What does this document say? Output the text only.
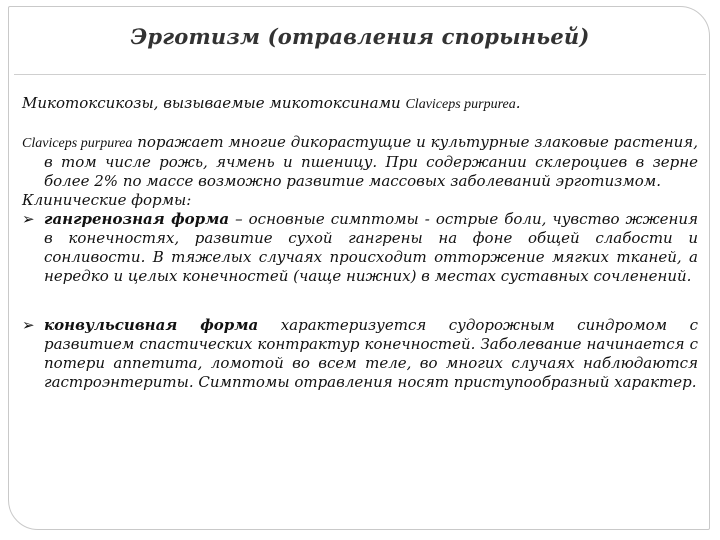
Эрготизм (отравления спорыньей)

Микотоксикозы, вызываемые микотоксинами Claviceps purpurea.

Claviceps purpurea поражает многие дикорастущие и культурные злаковые растения, в том числе рожь, ячмень и пшеницу. При содержании склероциев в зерне более 2% по массе возможно развитие массовых заболеваний эрготизмом.

Клинические формы:

➢ гангренозная форма – основные симптомы - острые боли, чувство жжения в конечностях, развитие сухой гангрены на фоне общей слабости и сонливости. В тяжелых случаях происходит отторжение мягких тканей, а нередко и целых конечностей (чаще нижних) в местах суставных сочленений.
➢ конвульсивная форма характеризуется судорожным синдромом с развитием спастических контрактур конечностей. Заболевание начинается с потери аппетита, ломотой во всем теле, во многих случаях наблюдаются гастроэнтериты. Симптомы отравления носят приступообразный характер.
